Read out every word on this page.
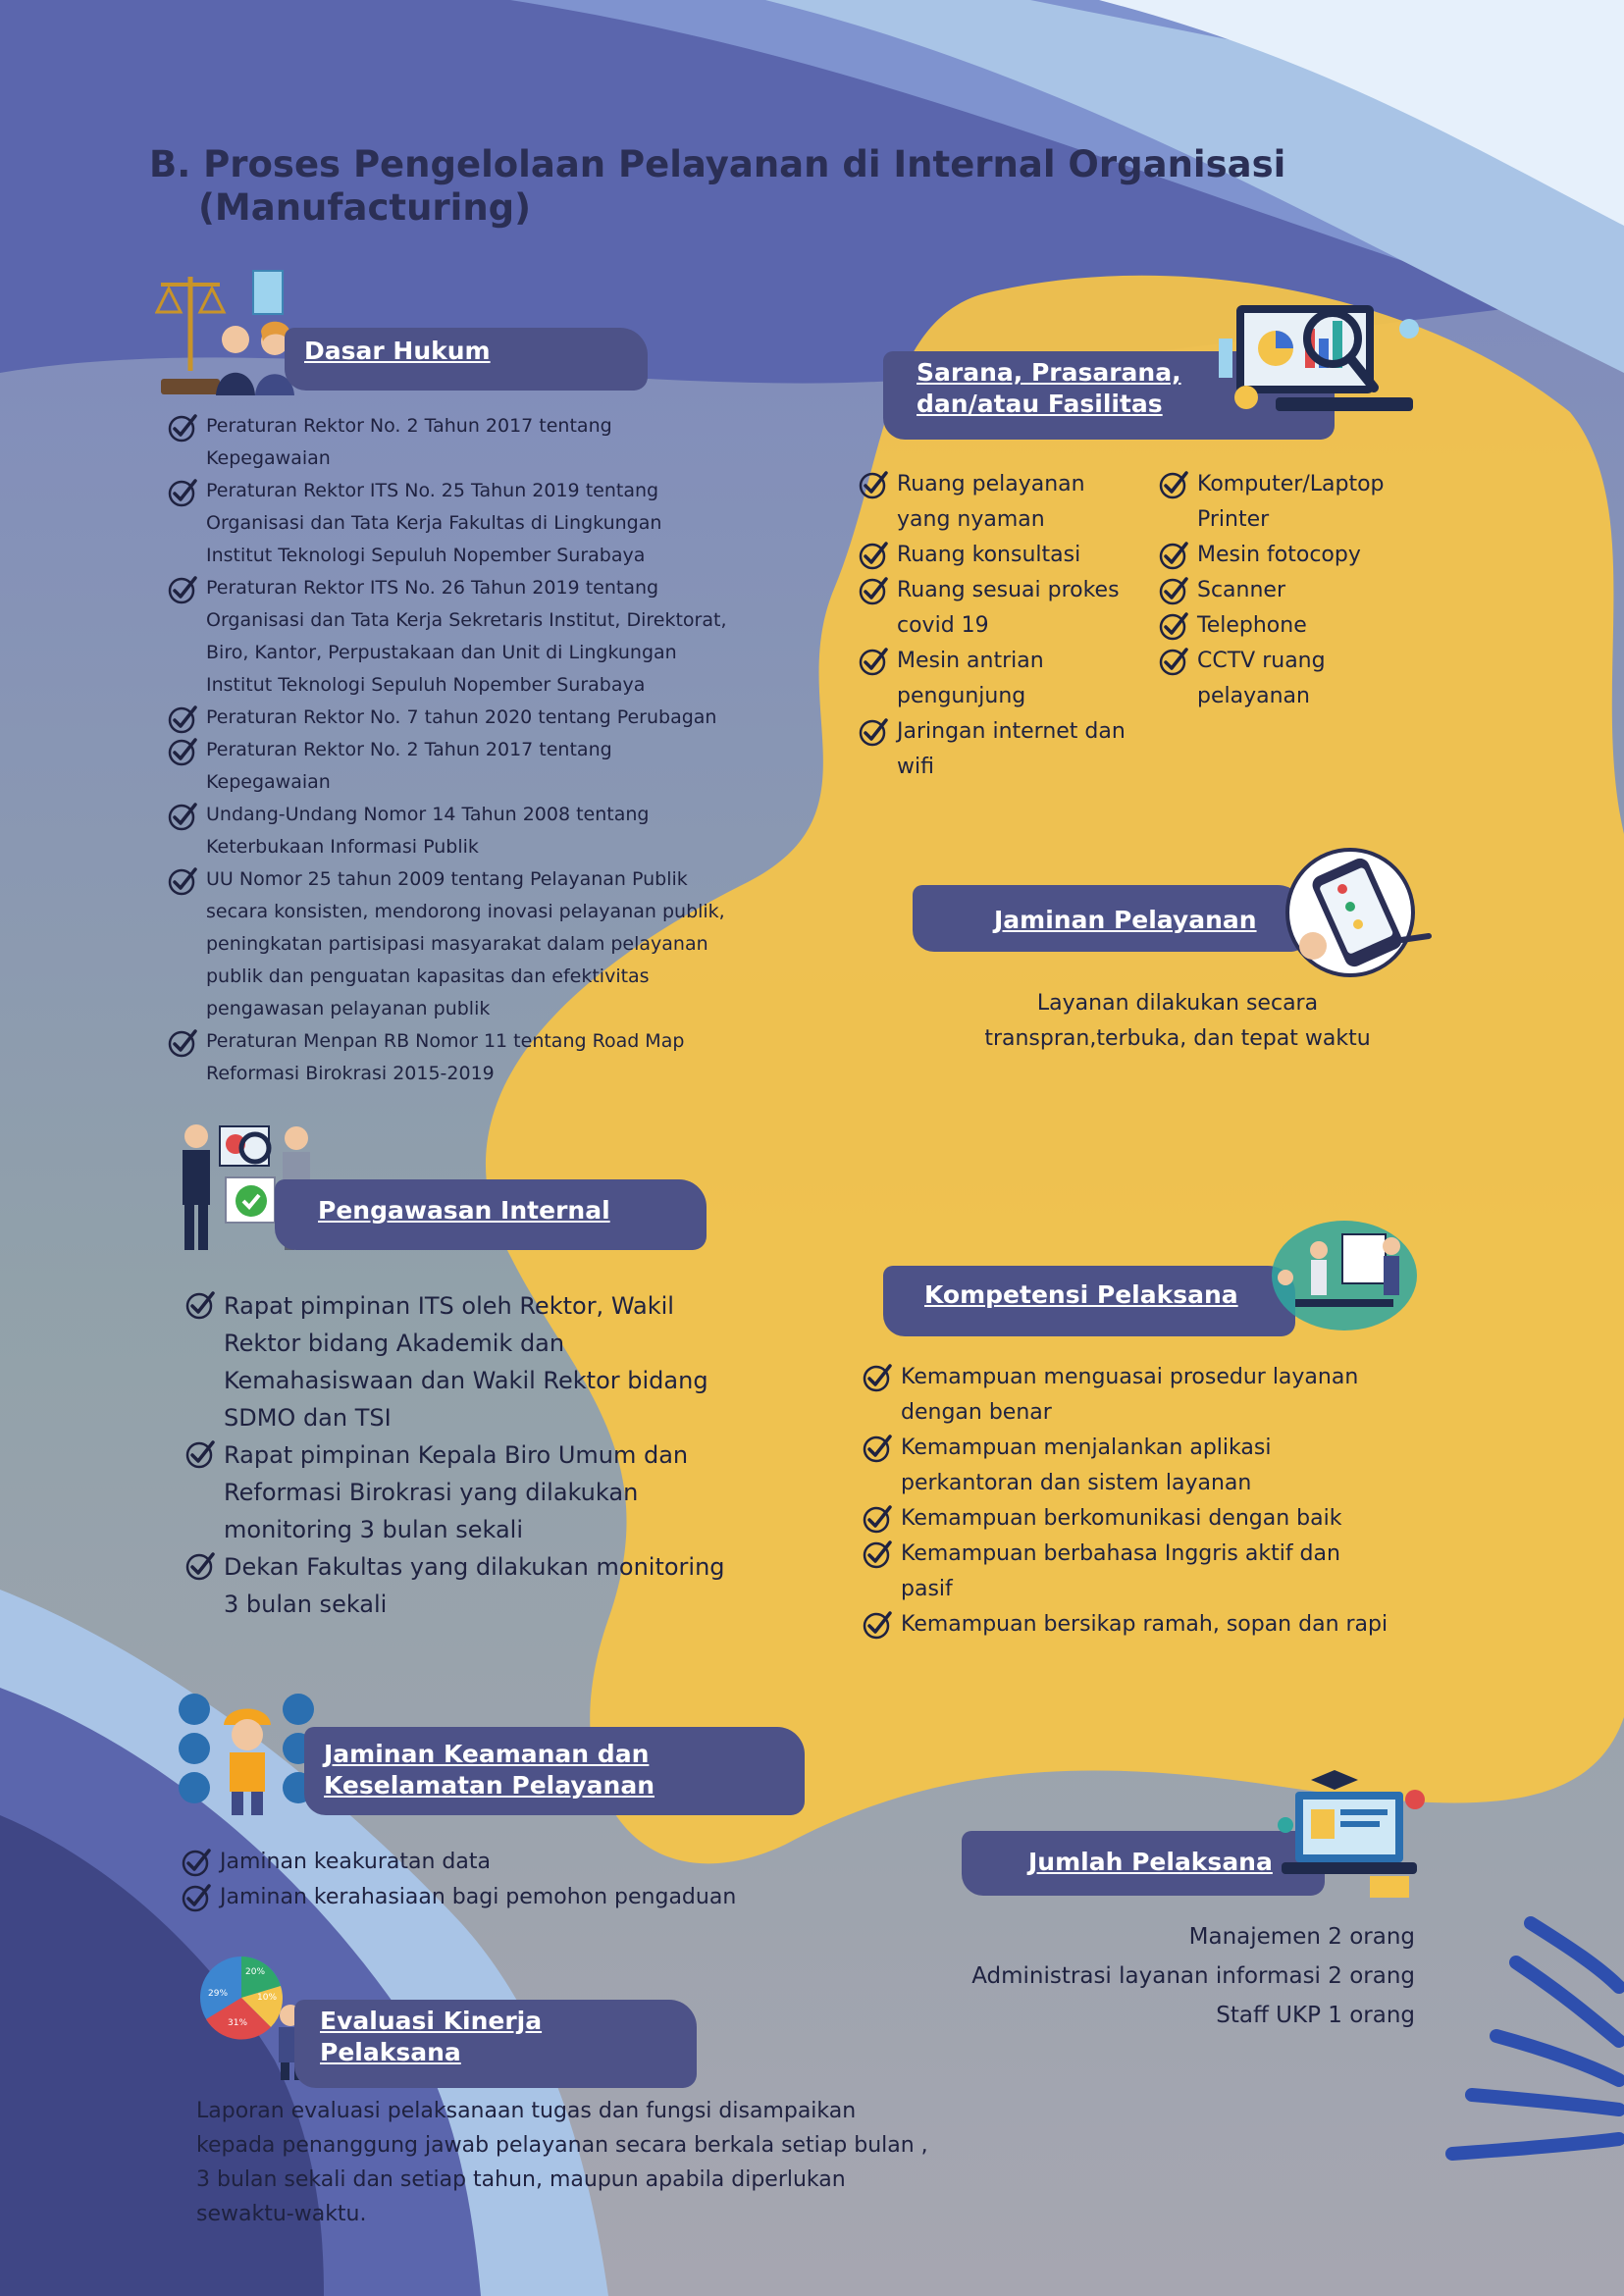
B. Proses Pengelolaan Pelayanan di Internal Organisasi
(Manufacturing)
Dasar Hukum
Peraturan Rektor No. 2 Tahun 2017 tentang
Kepegawaian
Peraturan Rektor ITS No. 25 Tahun 2019 tentang
Organisasi dan Tata Kerja Fakultas di Lingkungan
Institut Teknologi Sepuluh Nopember Surabaya
Peraturan Rektor ITS No. 26 Tahun 2019 tentang
Organisasi dan Tata Kerja Sekretaris Institut, Direktorat,
Biro, Kantor, Perpustakaan dan Unit di Lingkungan
Institut Teknologi Sepuluh Nopember Surabaya
Peraturan Rektor No. 7 tahun 2020 tentang Perubagan
Peraturan Rektor No. 2 Tahun 2017 tentang
Kepegawaian
Undang-Undang Nomor 14 Tahun 2008 tentang
Keterbukaan Informasi Publik
UU Nomor 25 tahun 2009 tentang Pelayanan Publik
secara konsisten, mendorong inovasi pelayanan publik,
peningkatan partisipasi masyarakat dalam pelayanan
publik dan penguatan kapasitas dan efektivitas
pengawasan pelayanan publik
Peraturan Menpan RB Nomor 11 tentang Road Map
Reformasi Birokrasi 2015-2019
Sarana, Prasarana,
dan/atau Fasilitas
Ruang pelayanan
yang nyaman
Ruang konsultasi
Ruang sesuai prokes
covid 19
Mesin antrian
pengunjung
Jaringan internet dan
wifi
Komputer/Laptop
Printer
Mesin fotocopy
Scanner
Telephone
CCTV ruang
pelayanan
Jaminan Pelayanan
Layanan dilakukan secara
transpran,terbuka, dan tepat waktu
Pengawasan Internal
Rapat pimpinan ITS oleh Rektor, Wakil
Rektor bidang Akademik dan
Kemahasiswaan dan Wakil Rektor bidang
SDMO dan TSI
Rapat pimpinan Kepala Biro Umum dan
Reformasi Birokrasi yang dilakukan
monitoring 3 bulan sekali
Dekan Fakultas yang dilakukan monitoring
3 bulan sekali
Kompetensi Pelaksana
Kemampuan menguasai prosedur layanan
dengan benar
Kemampuan menjalankan aplikasi
perkantoran dan sistem layanan
Kemampuan berkomunikasi dengan baik
Kemampuan berbahasa Inggris aktif dan
pasif
Kemampuan bersikap ramah, sopan dan rapi
Jaminan Keamanan dan
Keselamatan Pelayanan
Jaminan keakuratan data
Jaminan kerahasiaan bagi pemohon pengaduan
Jumlah Pelaksana
Manajemen 2 orang
Administrasi layanan informasi 2 orang
Staff UKP 1 orang
20%
29%	10%
31%	Evaluasi Kinerja
Pelaksana
Laporan evaluasi pelaksanaan tugas dan fungsi disampaikan
kepada penanggung jawab pelayanan secara berkala setiap bulan ,
3 bulan sekali dan setiap tahun, maupun apabila diperlukan
sewaktu-waktu.
